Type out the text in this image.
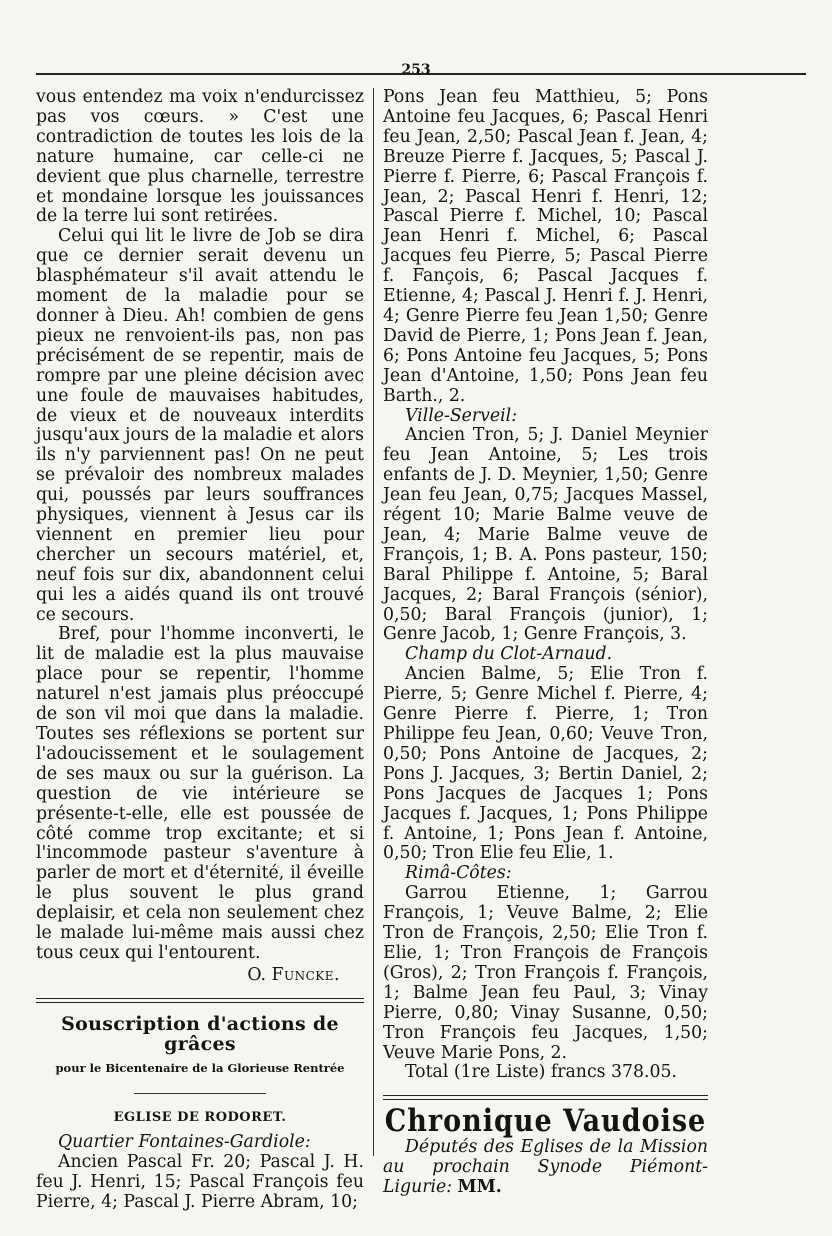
253

vous entendez ma voix n'endurcissez pas vos cœurs. » C'est une contradiction de toutes les lois de la nature humaine, car celle-ci ne devient que plus charnelle, terrestre et mondaine lorsque les jouissances de la terre lui sont retirées.

Celui qui lit le livre de Job se dira que ce dernier serait devenu un blasphémateur s'il avait attendu le moment de la maladie pour se donner à Dieu. Ah! combien de gens pieux ne renvoient-ils pas, non pas précisément de se repentir, mais de rompre par une pleine décision avec une foule de mauvaises habitudes, de vieux et de nouveaux interdits jusqu'aux jours de la maladie et alors ils n'y parviennent pas! On ne peut se prévaloir des nombreux malades qui, poussés par leurs souffrances physiques, viennent à Jesus car ils viennent en premier lieu pour chercher un secours matériel, et, neuf fois sur dix, abandonnent celui qui les a aidés quand ils ont trouvé ce secours.

Bref, pour l'homme inconverti, le lit de maladie est la plus mauvaise place pour se repentir, l'homme naturel n'est jamais plus préoccupé de son vil moi que dans la maladie. Toutes ses réflexions se portent sur l'adoucissement et le soulagement de ses maux ou sur la guérison. La question de vie intérieure se présente-t-elle, elle est poussée de côté comme trop excitante; et si l'incommode pasteur s'aventure à parler de mort et d'éternité, il éveille le plus souvent le plus grand deplaisir, et cela non seulement chez le malade lui-même mais aussi chez tous ceux qui l'entourent.

O. Funcke.
Souscription d'actions de grâces
pour le Bicentenaire de la Glorieuse Rentrée
EGLISE DE RODORET.

Quartier Fontaines-Gardiole:

Ancien Pascal Fr. 20; Pascal J. H. feu J. Henri, 15; Pascal François feu Pierre, 4; Pascal J. Pierre Abram, 10;

Pons Jean feu Matthieu, 5; Pons Antoine feu Jacques, 6; Pascal Henri feu Jean, 2,50; Pascal Jean f. Jean, 4; Breuze Pierre f. Jacques, 5; Pascal J. Pierre f. Pierre, 6; Pascal François f. Jean, 2; Pascal Henri f. Henri, 12; Pascal Pierre f. Michel, 10; Pascal Jean Henri f. Michel, 6; Pascal Jacques feu Pierre, 5; Pascal Pierre f. Fançois, 6; Pascal Jacques f. Etienne, 4; Pascal J. Henri f. J. Henri, 4; Genre Pierre feu Jean 1,50; Genre David de Pierre, 1; Pons Jean f. Jean, 6; Pons Antoine feu Jacques, 5; Pons Jean d'Antoine, 1,50; Pons Jean feu Barth., 2.

Ville-Serveil:

Ancien Tron, 5; J. Daniel Meynier feu Jean Antoine, 5; Les trois enfants de J. D. Meynier, 1,50; Genre Jean feu Jean, 0,75; Jacques Massel, régent 10; Marie Balme veuve de Jean, 4; Marie Balme veuve de François, 1; B. A. Pons pasteur, 150; Baral Philippe f. Antoine, 5; Baral Jacques, 2; Baral François (sénior), 0,50; Baral François (junior), 1; Genre Jacob, 1; Genre François, 3.

Champ du Clot-Arnaud.

Ancien Balme, 5; Elie Tron f. Pierre, 5; Genre Michel f. Pierre, 4; Genre Pierre f. Pierre, 1; Tron Philippe feu Jean, 0,60; Veuve Tron, 0,50; Pons Antoine de Jacques, 2; Pons J. Jacques, 3; Bertin Daniel, 2; Pons Jacques de Jacques 1; Pons Jacques f. Jacques, 1; Pons Philippe f. Antoine, 1; Pons Jean f. Antoine, 0,50; Tron Elie feu Elie, 1.

Rimâ-Côtes:

Garrou Etienne, 1; Garrou François, 1; Veuve Balme, 2; Elie Tron de François, 2,50; Elie Tron f. Elie, 1; Tron François de François (Gros), 2; Tron François f. François, 1; Balme Jean feu Paul, 3; Vinay Pierre, 0,80; Vinay Susanne, 0,50; Tron François feu Jacques, 1,50; Veuve Marie Pons, 2.

Total (1re Liste) francs 378.05.

Chronique Vaudoise

Députés des Eglises de la Mission au prochain Synode Piémont-Ligurie: MM.
